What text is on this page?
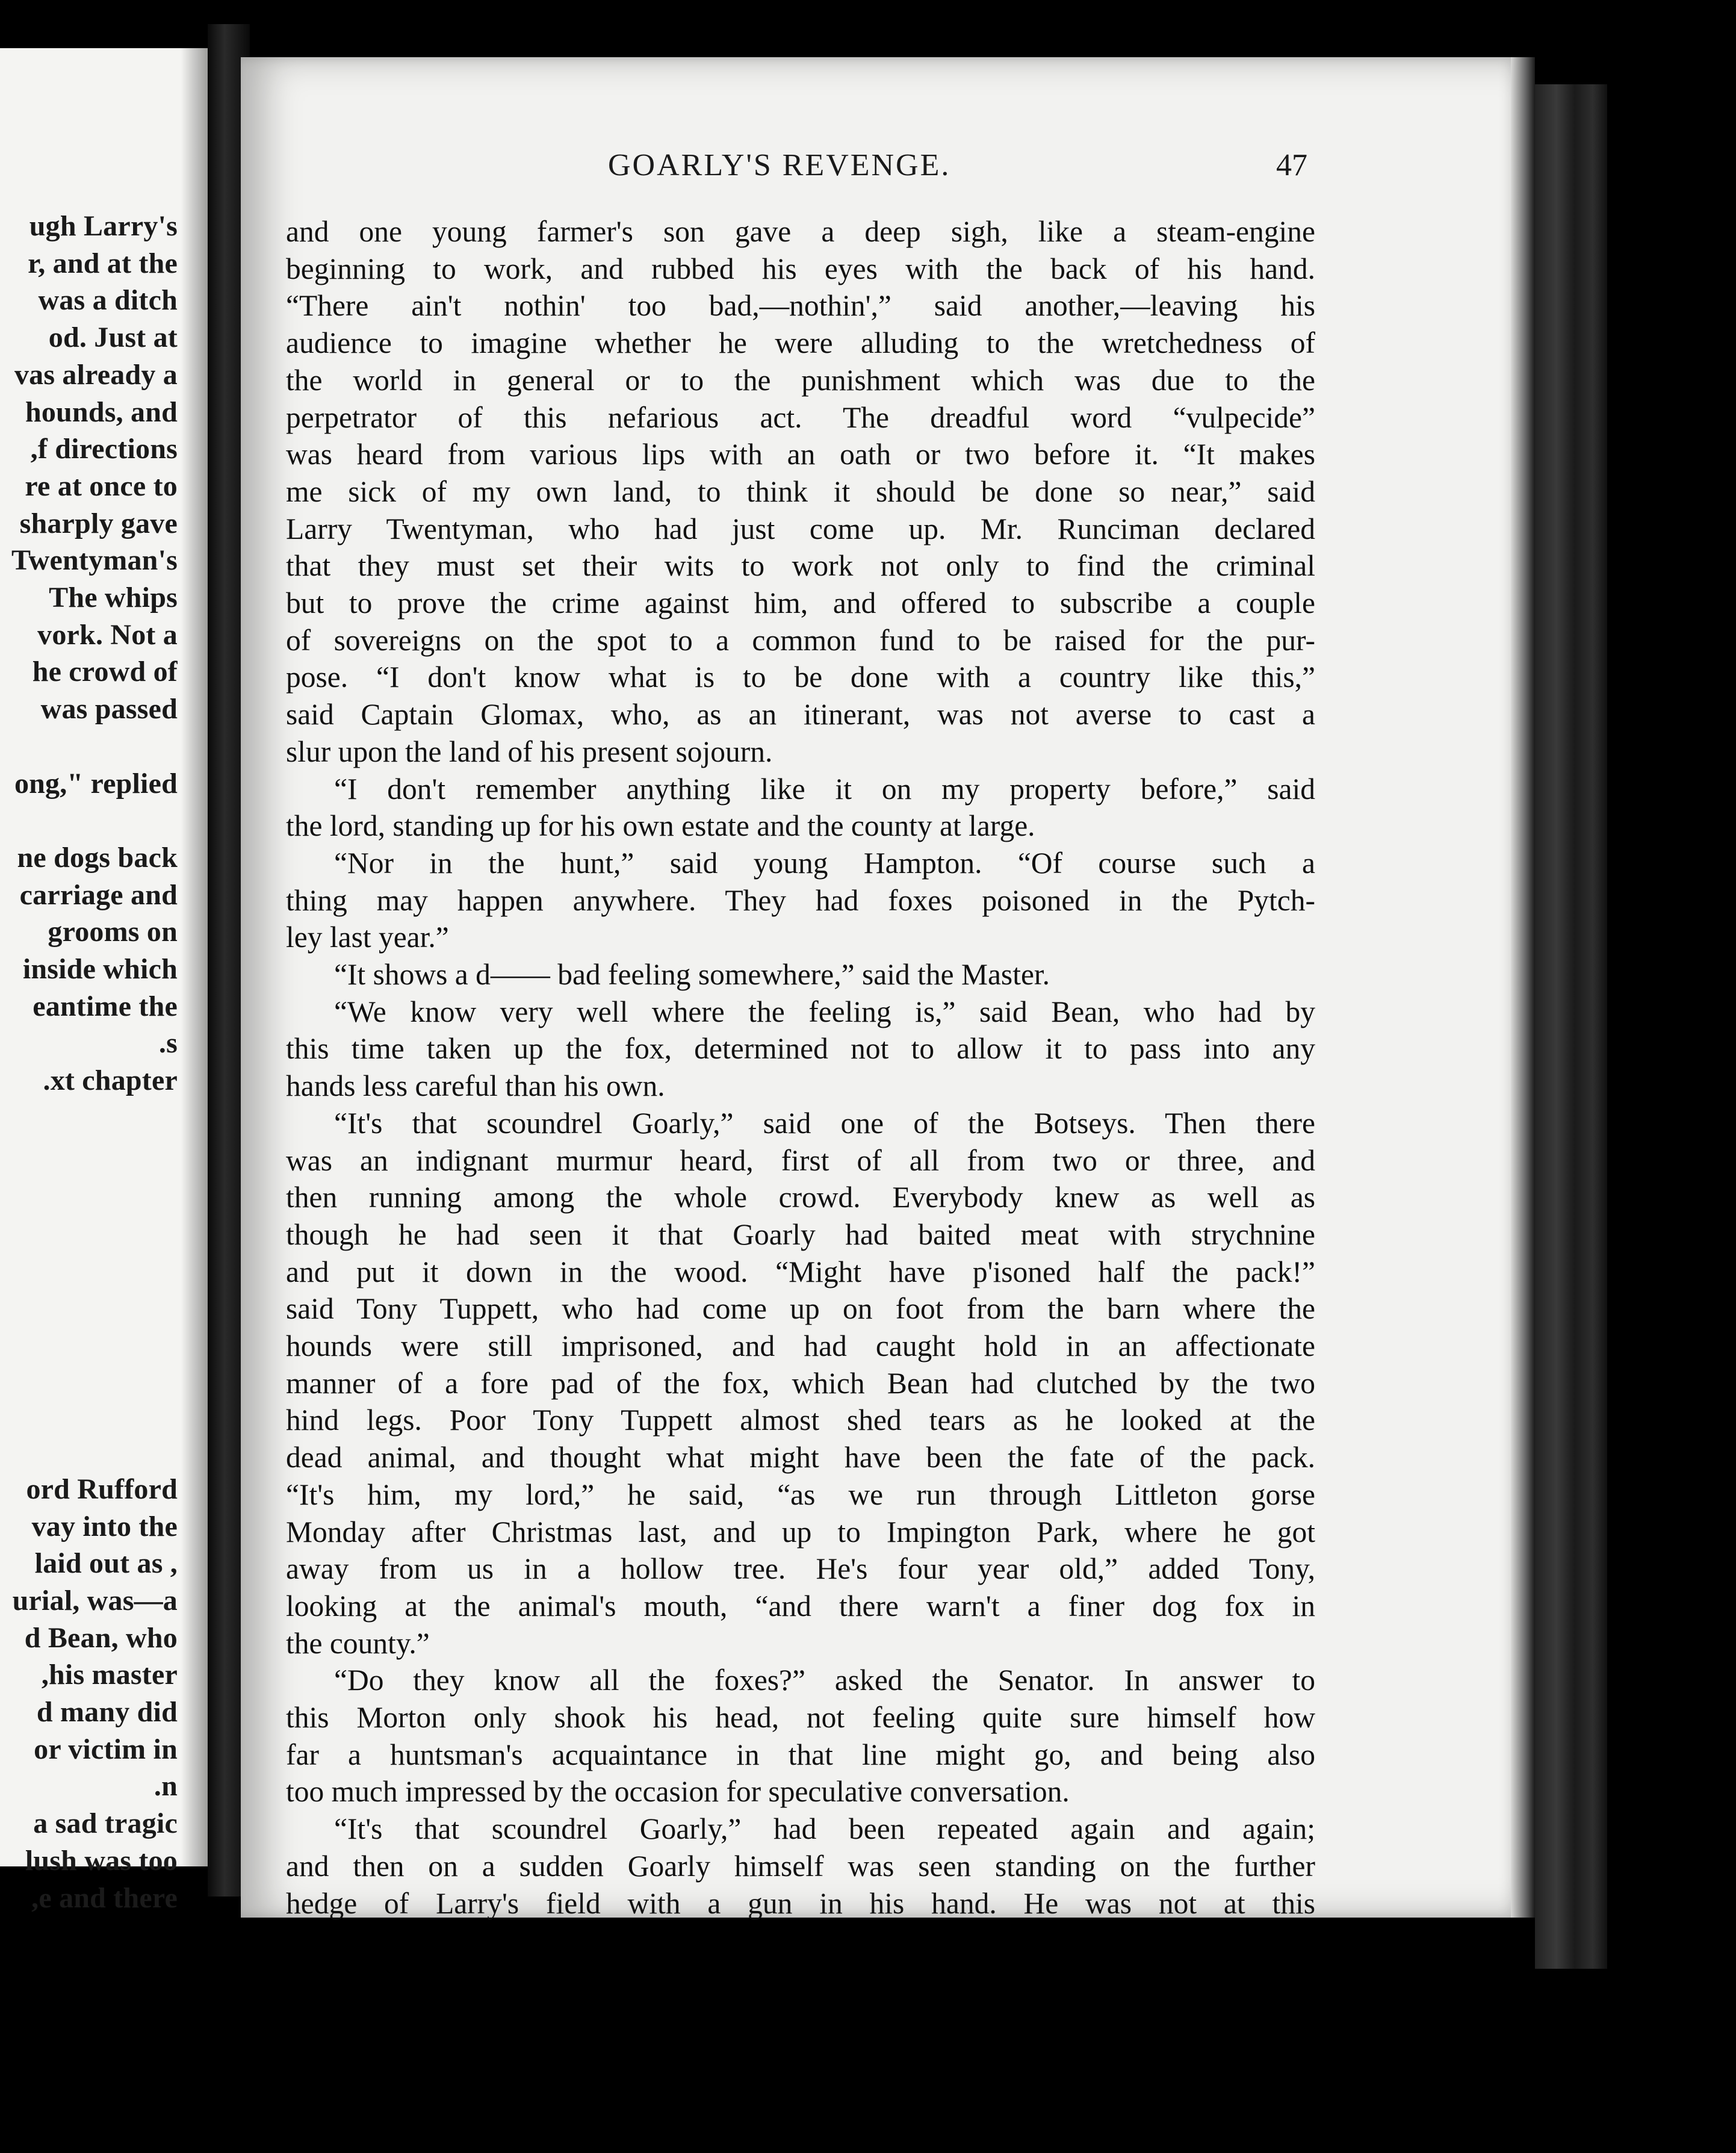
ugh Larry's
r, and at the
was a ditch
od. Just at
vas already a
hounds, and
f directions,
re at once to
sharply gave
Twentyman's
The whips
vork. Not a
he crowd of
was passed
ong," replied
ne dogs back
carriage and
grooms on
inside which
eantime the
s.
xt chapter.
ord Rufford
vay into the
, laid out as
urial, was—a
d Bean, who
his master,
d many did
or victim in
n.
a sad tragic
lush was too
e and there,
GOARLY'S REVENGE.	47
and one young farmer's son gave a deep sigh, like a steam-engine
beginning to work, and rubbed his eyes with the back of his hand.
“There ain't nothin' too bad,—nothin',” said another,—leaving his
audience to imagine whether he were alluding to the wretchedness of
the world in general or to the punishment which was due to the
perpetrator of this nefarious act. The dreadful word “vulpecide”
was heard from various lips with an oath or two before it. “It makes
me sick of my own land, to think it should be done so near,” said
Larry Twentyman, who had just come up. Mr. Runciman declared
that they must set their wits to work not only to find the criminal
but to prove the crime against him, and offered to subscribe a couple
of sovereigns on the spot to a common fund to be raised for the pur-
pose. “I don't know what is to be done with a country like this,”
said Captain Glomax, who, as an itinerant, was not averse to cast a
slur upon the land of his present sojourn.
“I don't remember anything like it on my property before,” said
the lord, standing up for his own estate and the county at large.
“Nor in the hunt,” said young Hampton. “Of course such a
thing may happen anywhere. They had foxes poisoned in the Pytch-
ley last year.”
“It shows a d—— bad feeling somewhere,” said the Master.
“We know very well where the feeling is,” said Bean, who had by
this time taken up the fox, determined not to allow it to pass into any
hands less careful than his own.
“It's that scoundrel Goarly,” said one of the Botseys. Then there
was an indignant murmur heard, first of all from two or three, and
then running among the whole crowd. Everybody knew as well as
though he had seen it that Goarly had baited meat with strychnine
and put it down in the wood. “Might have p'isoned half the pack!”
said Tony Tuppett, who had come up on foot from the barn where the
hounds were still imprisoned, and had caught hold in an affectionate
manner of a fore pad of the fox, which Bean had clutched by the two
hind legs. Poor Tony Tuppett almost shed tears as he looked at the
dead animal, and thought what might have been the fate of the pack.
“It's him, my lord,” he said, “as we run through Littleton gorse
Monday after Christmas last, and up to Impington Park, where he got
away from us in a hollow tree. He's four year old,” added Tony,
looking at the animal's mouth, “and there warn't a finer dog fox in
the county.”
“Do they know all the foxes?” asked the Senator. In answer to
this Morton only shook his head, not feeling quite sure himself how
far a huntsman's acquaintance in that line might go, and being also
too much impressed by the occasion for speculative conversation.
“It's that scoundrel Goarly,” had been repeated again and again;
and then on a sudden Goarly himself was seen standing on the further
hedge of Larry's field with a gun in his hand. He was not at this
